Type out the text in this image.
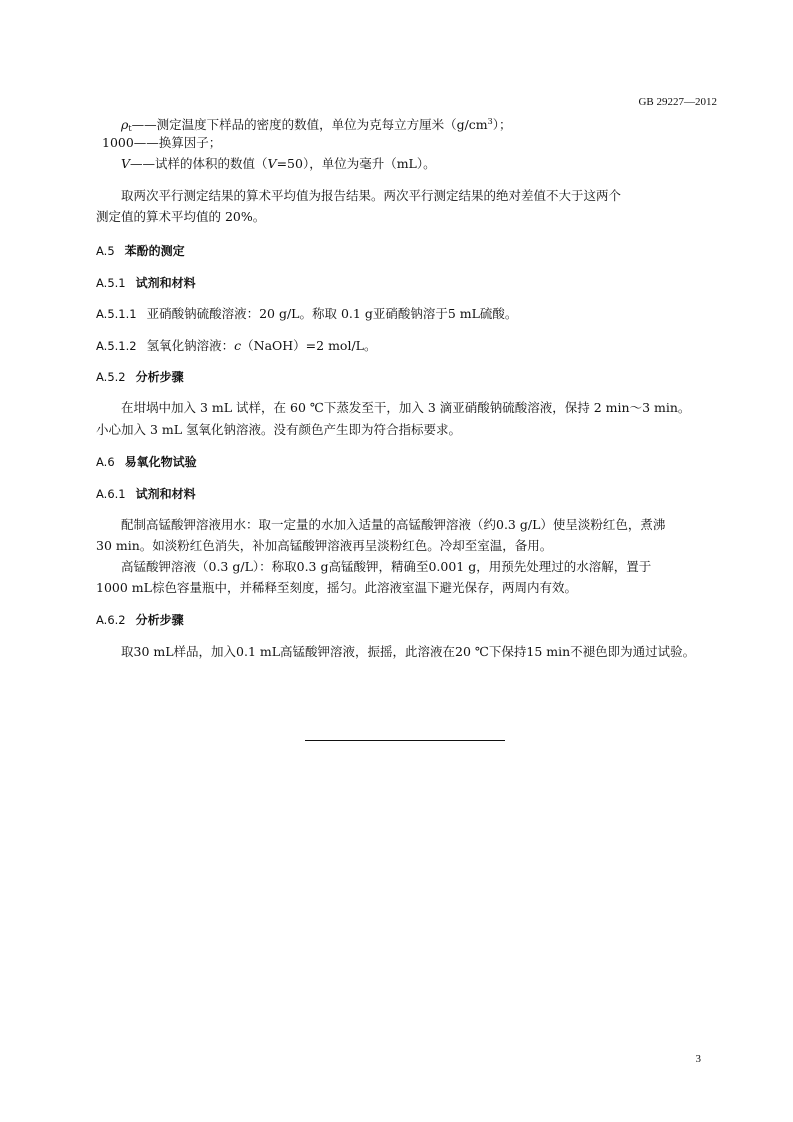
GB 29227—2012
$\rho_t——$测定温度下样品的密度的数值，单位为克每立方厘米$(g/cm^3)$；
1000——换算因子；
V——试样的体积的数值（V=50），单位为毫升（mL）。
取两次平行测定结果的算术平均值为报告结果。两次平行测定结果的绝对差值不大于这两个
测定值的算术平均值的 20%。
A.5 苯酚的测定
A.5.1 试剂和材料
A.5.1.1 亚硝酸钠硫酸溶液：20 g/L。称取 0.1 g亚硝酸钠溶于5 mL硫酸。
A.5.1.2 氢氧化钠溶液：c（NaOH）=2 mol/L。
A.5.2 分析步骤
在坩埚中加入 3 mL 试样，在 60 ℃下蒸发至干，加入 3 滴亚硝酸钠硫酸溶液，保持 2 min～3 min。
小心加入 3 mL 氢氧化钠溶液。没有颜色产生即为符合指标要求。
A.6 易氧化物试验
A.6.1 试剂和材料
配制高锰酸钾溶液用水：取一定量的水加入适量的高锰酸钾溶液（约0.3 g/L）使呈淡粉红色，煮沸
30 min。如淡粉红色消失，补加高锰酸钾溶液再呈淡粉红色。冷却至室温，备用。
高锰酸钾溶液（0.3 g/L）：称取0.3 g高锰酸钾，精确至0.001 g，用预先处理过的水溶解，置于
1000 mL棕色容量瓶中，并稀释至刻度，摇匀。此溶液室温下避光保存，两周内有效。
A.6.2 分析步骤
取30 mL样品，加入0.1 mL高锰酸钾溶液，振摇，此溶液在20 ℃下保持15 min不褪色即为通过试验。
3
